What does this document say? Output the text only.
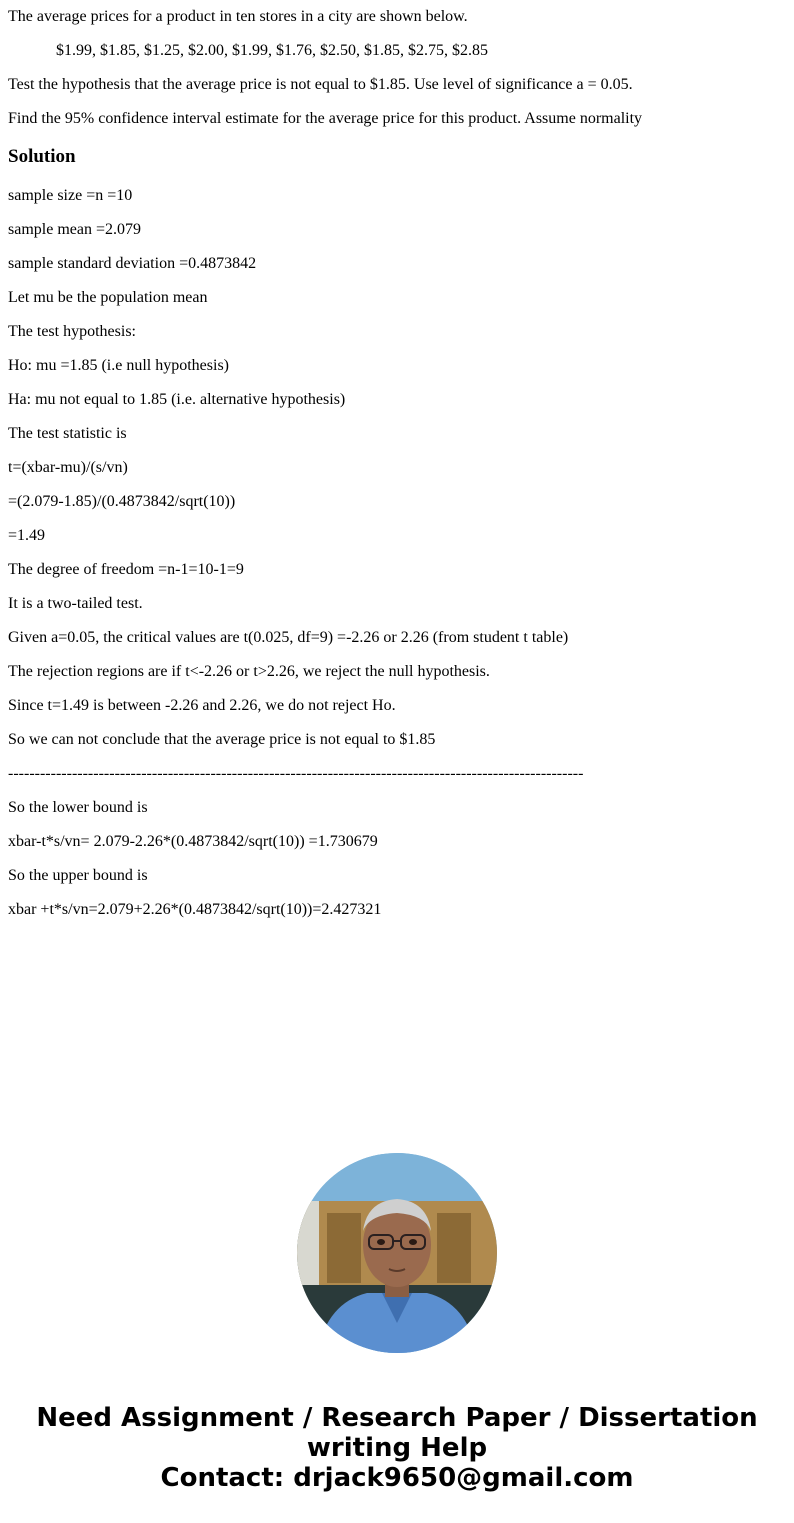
The average prices for a product in ten stores in a city are shown below.

$1.99, $1.85, $1.25, $2.00, $1.99, $1.76, $2.50, $1.85, $2.75, $2.85

Test the hypothesis that the average price is not equal to $1.85. Use level of significance a = 0.05.

Find the 95% confidence interval estimate for the average price for this product. Assume normality

Solution

sample size =n =10

sample mean =2.079

sample standard deviation =0.4873842

Let mu be the population mean

The test hypothesis:

Ho: mu =1.85 (i.e null hypothesis)

Ha: mu not equal to 1.85 (i.e. alternative hypothesis)

The test statistic is

t=(xbar-mu)/(s/vn)

=(2.079-1.85)/(0.4873842/sqrt(10))

=1.49

The degree of freedom =n-1=10-1=9

It is a two-tailed test.

Given a=0.05, the critical values are t(0.025, df=9) =-2.26 or 2.26 (from student t table)

The rejection regions are if t<-2.26 or t>2.26, we reject the null hypothesis.

Since t=1.49 is between -2.26 and 2.26, we do not reject Ho.

So we can not conclude that the average price is not equal to $1.85

------------------------------------------------------------------------------------------------------------

So the lower bound is

xbar-t*s/vn= 2.079-2.26*(0.4873842/sqrt(10)) =1.730679

So the upper bound is

xbar +t*s/vn=2.079+2.26*(0.4873842/sqrt(10))=2.427321

Need Assignment / Research Paper / Dissertation
writing Help
Contact: drjack9650@gmail.com
